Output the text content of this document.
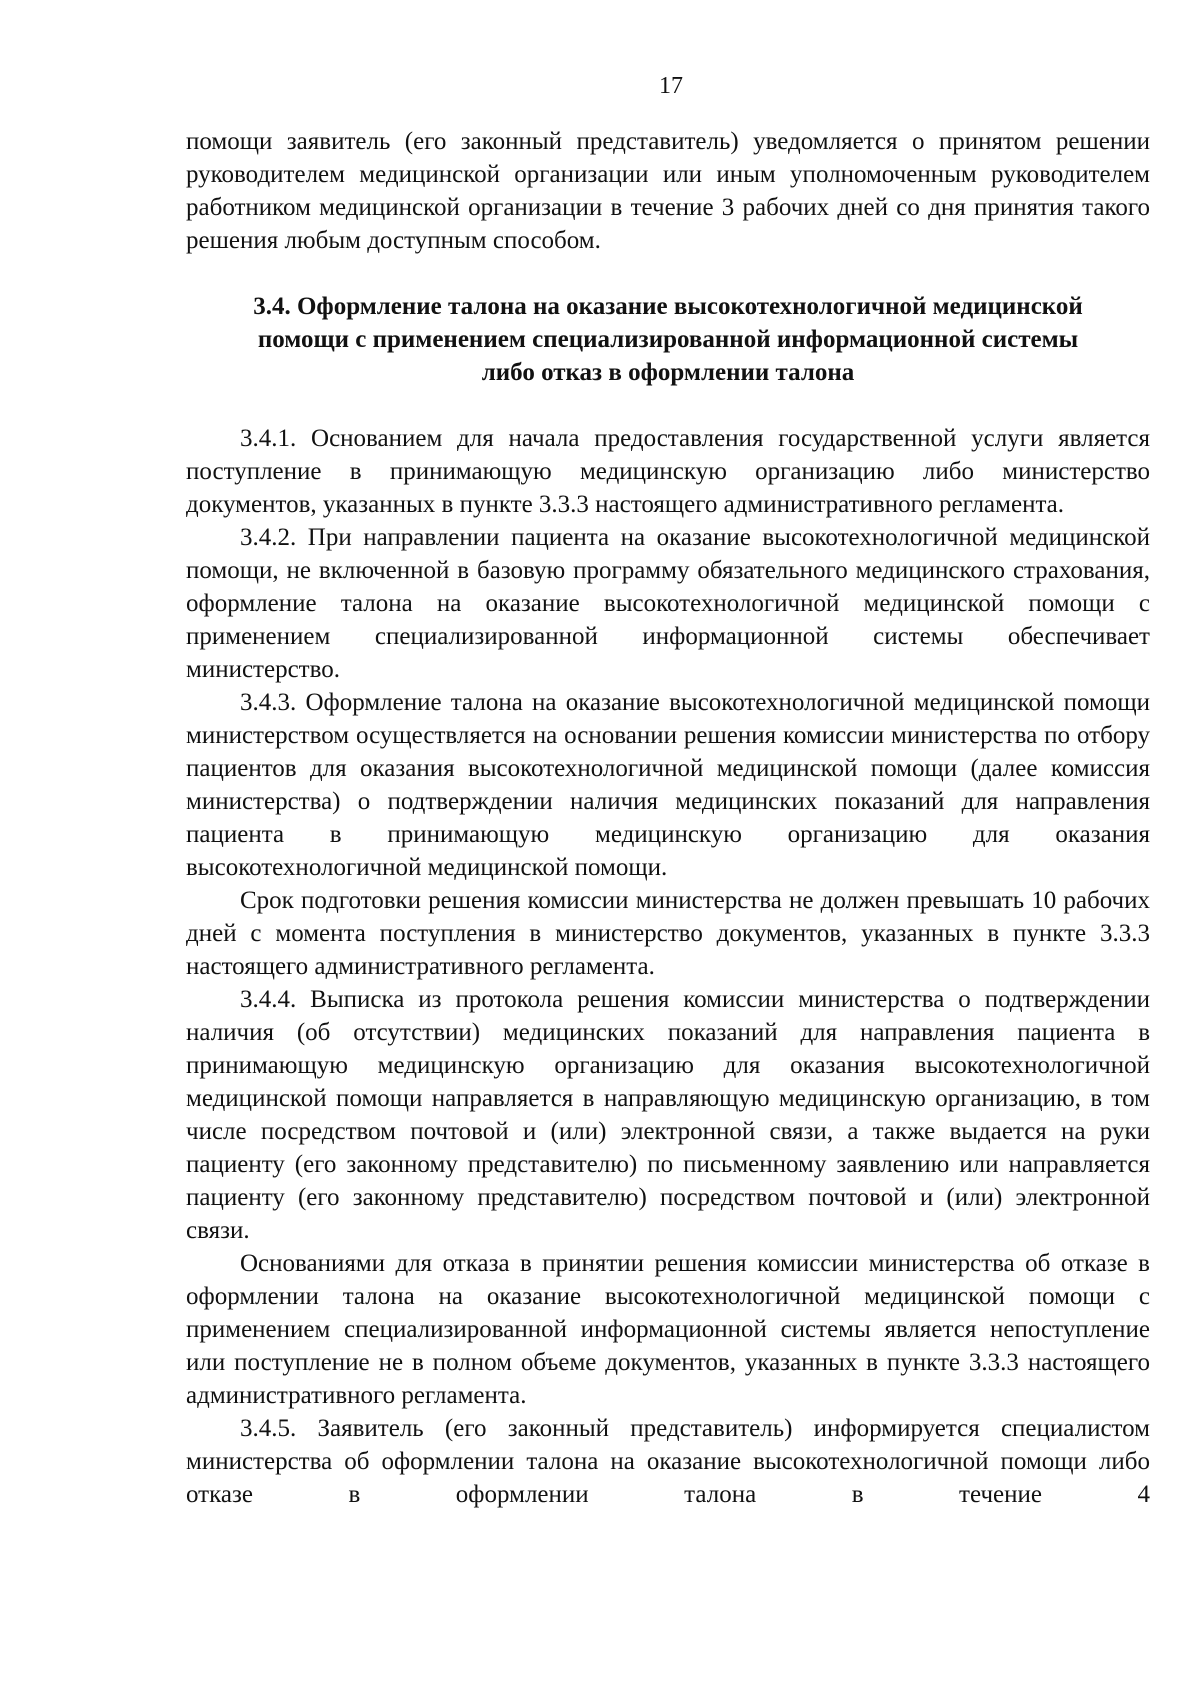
17

помощи заявитель (его законный представитель) уведомляется о принятом решении руководителем медицинской организации или иным уполномоченным руководителем работником медицинской организации в течение 3 рабочих дней со дня принятия такого решения любым доступным способом.

3.4. Оформление талона на оказание высокотехнологичной медицинской
помощи с применением специализированной информационной системы
либо отказ в оформлении талона

3.4.1. Основанием для начала предоставления государственной услуги является поступление в принимающую медицинскую организацию либо министерство документов, указанных в пункте 3.3.3 настоящего административного регламента.

3.4.2. При направлении пациента на оказание высокотехнологичной медицинской помощи, не включенной в базовую программу обязательного медицинского страхования, оформление талона на оказание высокотехнологичной медицинской помощи с применением специализированной информационной системы обеспечивает министерство.

3.4.3. Оформление талона на оказание высокотехнологичной медицинской помощи министерством осуществляется на основании решения комиссии министерства по отбору пациентов для оказания высокотехнологичной медицинской помощи (далее комиссия министерства) о подтверждении наличия медицинских показаний для направления пациента в принимающую медицинскую организацию для оказания высокотехнологичной медицинской помощи.

Срок подготовки решения комиссии министерства не должен превышать 10 рабочих дней с момента поступления в министерство документов, указанных в пункте 3.3.3 настоящего административного регламента.

3.4.4. Выписка из протокола решения комиссии министерства о подтверждении наличия (об отсутствии) медицинских показаний для направления пациента в принимающую медицинскую организацию для оказания высокотехнологичной медицинской помощи направляется в направляющую медицинскую организацию, в том числе посредством почтовой и (или) электронной связи, а также выдается на руки пациенту (его законному представителю) по письменному заявлению или направляется пациенту (его законному представителю) посредством почтовой и (или) электронной связи.

Основаниями для отказа в принятии решения комиссии министерства об отказе в оформлении талона на оказание высокотехнологичной медицинской помощи с применением специализированной информационной системы является непоступление или поступление не в полном объеме документов, указанных в пункте 3.3.3 настоящего административного регламента.

3.4.5. Заявитель (его законный представитель) информируется специалистом министерства об оформлении талона на оказание высокотехнологичной помощи либо отказе в оформлении талона в течение 4
